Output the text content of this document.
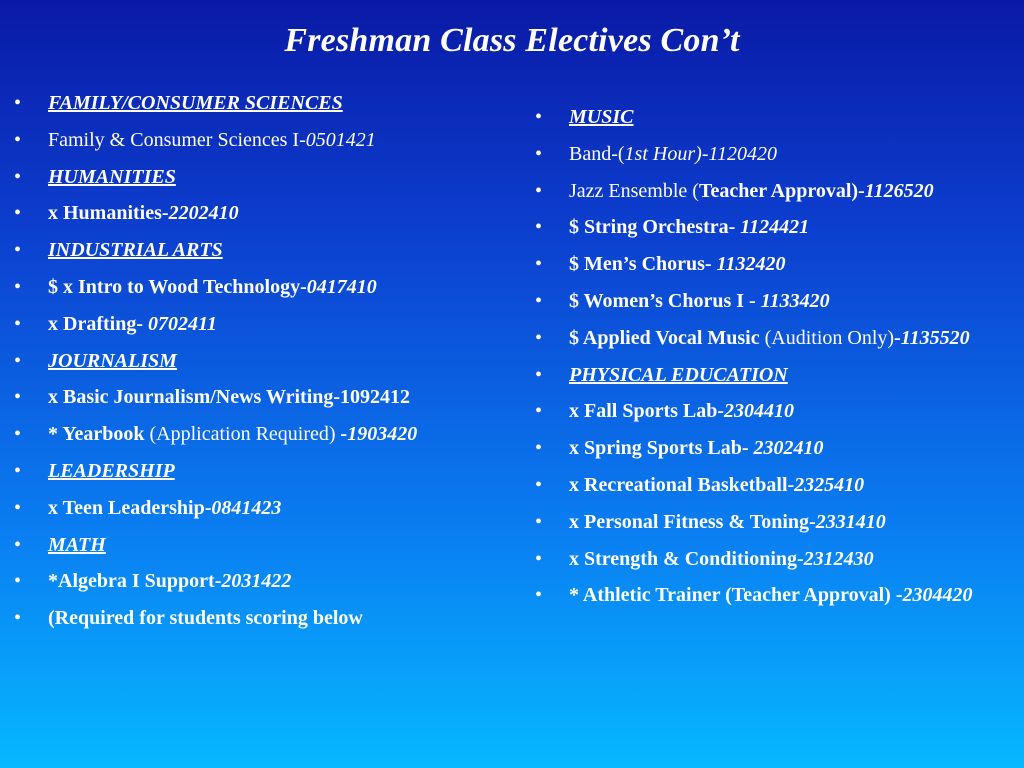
Freshman Class Electives Con’t
• FAMILY/CONSUMER SCIENCES
• Family & Consumer Sciences I-0501421
• HUMANITIES
• x Humanities-2202410
• INDUSTRIAL ARTS
• $ x Intro to Wood Technology-0417410
• x Drafting- 0702411
• JOURNALISM
• x Basic Journalism/News Writing-1092412
• * Yearbook (Application Required) -1903420
• LEADERSHIP
• x Teen Leadership-0841423
• MATH
• *Algebra I Support-2031422
• (Required for students scoring below
• MUSIC
• Band-(1st Hour)-1120420
• Jazz Ensemble (Teacher Approval)-1126520
• $ String Orchestra- 1124421
• $ Men’s Chorus- 1132420
• $ Women’s Chorus I - 1133420
• $ Applied Vocal Music (Audition Only)-1135520
• PHYSICAL EDUCATION
• x Fall Sports Lab-2304410
• x Spring Sports Lab- 2302410
• x Recreational Basketball-2325410
• x Personal Fitness & Toning-2331410
• x Strength & Conditioning-2312430
• * Athletic Trainer (Teacher Approval) -2304420
